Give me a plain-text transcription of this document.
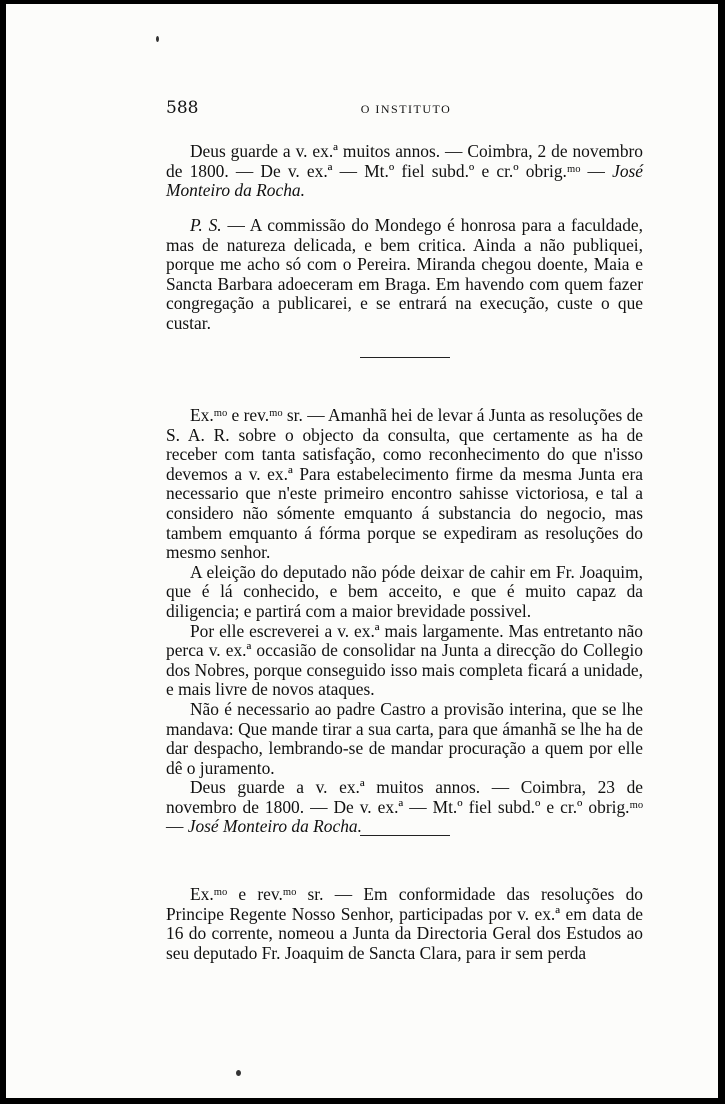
588	O INSTITUTO

Deus guarde a v. ex.ª muitos annos. — Coimbra, 2 de novembro de 1800. — De v. ex.ª — Mt.º fiel subd.º e cr.º obrig.ᵐᵒ — José Monteiro da Rocha.

P. S. — A commissão do Mondego é honrosa para a faculdade, mas de natureza delicada, e bem critica. Ainda a não publiquei, porque me acho só com o Pereira. Miranda chegou doente, Maia e Sancta Barbara adoeceram em Braga. Em havendo com quem fazer congregação a publicarei, e se entrará na execução, custe o que custar.

Ex.ᵐᵒ e rev.ᵐᵒ sr. — Amanhã hei de levar á Junta as resoluções de S. A. R. sobre o objecto da consulta, que certamente as ha de receber com tanta satisfação, como reconhecimento do que n'isso devemos a v. ex.ª Para estabelecimento firme da mesma Junta era necessario que n'este primeiro encontro sahisse victoriosa, e tal a considero não sómente emquanto á substancia do negocio, mas tambem emquanto á fórma porque se expediram as resoluções do mesmo senhor.

A eleição do deputado não póde deixar de cahir em Fr. Joaquim, que é lá conhecido, e bem acceito, e que é muito capaz da diligencia; e partirá com a maior brevidade possivel.

Por elle escreverei a v. ex.ª mais largamente. Mas entretanto não perca v. ex.ª occasião de consolidar na Junta a direcção do Collegio dos Nobres, porque conseguido isso mais completa ficará a unidade, e mais livre de novos ataques.

Não é necessario ao padre Castro a provisão interina, que se lhe mandava: Que mande tirar a sua carta, para que ámanhã se lhe ha de dar despacho, lembrando-se de mandar procuração a quem por elle dê o juramento.

Deus guarde a v. ex.ª muitos annos. — Coimbra, 23 de novembro de 1800. — De v. ex.ª — Mt.º fiel subd.º e cr.º obrig.ᵐᵒ — José Monteiro da Rocha.

Ex.ᵐᵒ e rev.ᵐᵒ sr. — Em conformidade das resoluções do Principe Regente Nosso Senhor, participadas por v. ex.ª em data de 16 do corrente, nomeou a Junta da Directoria Geral dos Estudos ao seu deputado Fr. Joaquim de Sancta Clara, para ir sem perda
